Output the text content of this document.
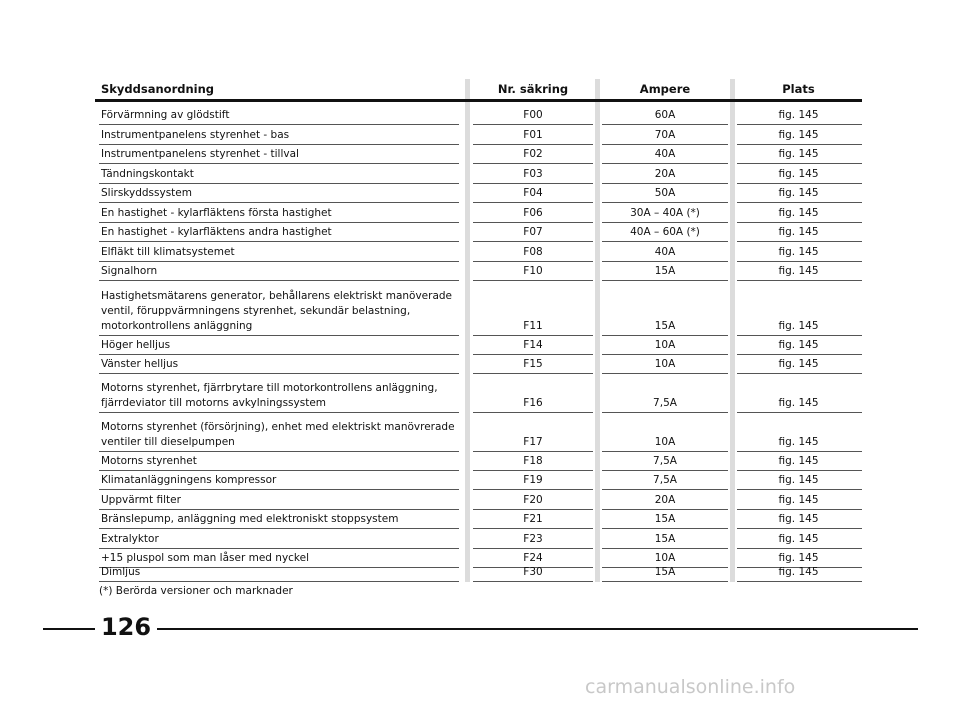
Skyddsanordning	Nr. säkring	Ampere	Plats
Förvärmning av glödstift	F00	60A	fig. 145
Instrumentpanelens styrenhet - bas	F01	70A	fig. 145
Instrumentpanelens styrenhet - tillval	F02	40A	fig. 145
Tändningskontakt	F03	20A	fig. 145
Slirskyddssystem	F04	50A	fig. 145
En hastighet - kylarfläktens första hastighet	F06	30A – 40A (*)	fig. 145
En hastighet - kylarfläktens andra hastighet	F07	40A – 60A (*)	fig. 145
Elfläkt till klimatsystemet	F08	40A	fig. 145
Signalhorn	F10	15A	fig. 145
Hastighetsmätarens generator, behållarens elektriskt manöverade ventil, föruppvärmningens styrenhet, sekundär belastning, motorkontrollens anläggning	F11	15A	fig. 145
Höger helljus	F14	10A	fig. 145
Vänster helljus	F15	10A	fig. 145
Motorns styrenhet, fjärrbrytare till motorkontrollens anläggning, fjärrdeviator till motorns avkylningssystem	F16	7,5A	fig. 145
Motorns styrenhet (försörjning), enhet med elektriskt manövrerade ventiler till dieselpumpen	F17	10A	fig. 145
Motorns styrenhet	F18	7,5A	fig. 145
Klimatanläggningens kompressor	F19	7,5A	fig. 145
Uppvärmt filter	F20	20A	fig. 145
Bränslepump, anläggning med elektroniskt stoppsystem	F21	15A	fig. 145
Extralyktor	F23	15A	fig. 145
+15 pluspol som man låser med nyckel	F24	10A	fig. 145
Dimljus	F30	15A	fig. 145
(*) Berörda versioner och marknader
126
carmanualsonline.info
